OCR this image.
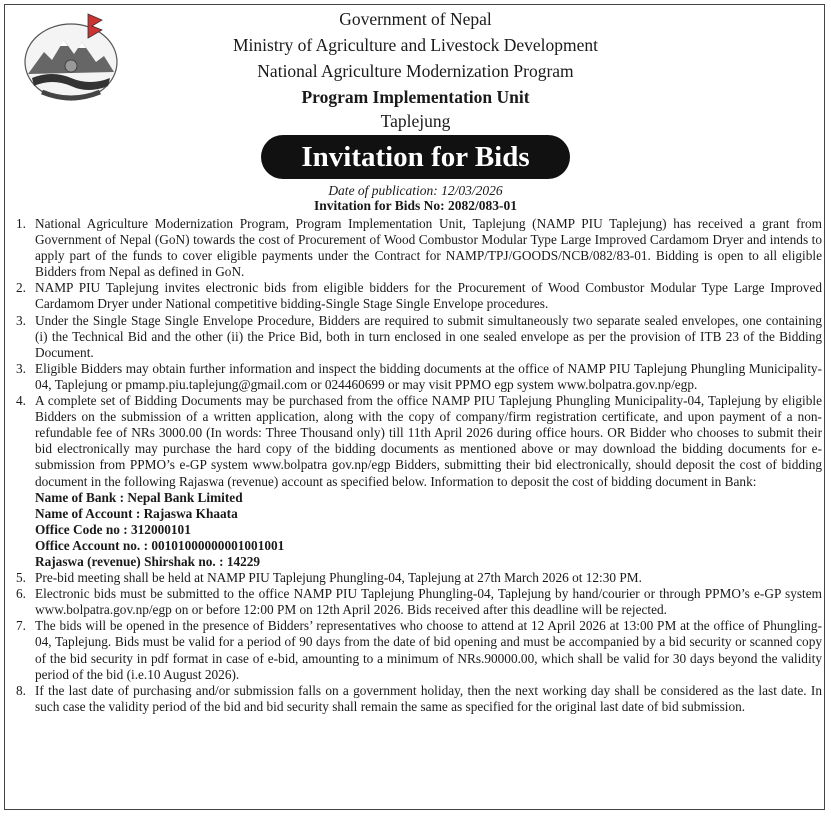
Government of Nepal
Ministry of Agriculture and Livestock Development
National Agriculture Modernization Program
Program Implementation Unit
Taplejung
Invitation for Bids
Date of publication: 12/03/2026
Invitation for Bids No: 2082/083-01
1. National Agriculture Modernization Program, Program Implementation Unit, Taplejung (NAMP PIU Taplejung) has received a grant from Government of Nepal (GoN) towards the cost of Procurement of Wood Combustor Modular Type Large Improved Cardamom Dryer and intends to apply part of the funds to cover eligible payments under the Contract for NAMP/TPJ/GOODS/NCB/082/83-01. Bidding is open to all eligible Bidders from Nepal as defined in GoN.
2. NAMP PIU Taplejung invites electronic bids from eligible bidders for the Procurement of Wood Combustor Modular Type Large Improved Cardamom Dryer under National competitive bidding-Single Stage Single Envelope procedures.
3. Under the Single Stage Single Envelope Procedure, Bidders are required to submit simultaneously two separate sealed envelopes, one containing (i) the Technical Bid and the other (ii) the Price Bid, both in turn enclosed in one sealed envelope as per the provision of ITB 23 of the Bidding Document.
3. Eligible Bidders may obtain further information and inspect the bidding documents at the office of NAMP PIU Taplejung Phungling Municipality-04, Taplejung or pmamp.piu.taplejung@gmail.com or 024460699 or may visit PPMO egp system www.bolpatra.gov.np/egp.
4. A complete set of Bidding Documents may be purchased from the office NAMP PIU Taplejung Phungling Municipality-04, Taplejung by eligible Bidders on the submission of a written application, along with the copy of company/firm registration certificate, and upon payment of a non-refundable fee of NRs 3000.00 (In words: Three Thousand only) till 11th April 2026 during office hours. OR Bidder who chooses to submit their bid electronically may purchase the hard copy of the bidding documents as mentioned above or may download the bidding documents for e-submission from PPMO’s e-GP system www.bolpatra gov.np/egp Bidders, submitting their bid electronically, should deposit the cost of bidding document in the following Rajaswa (revenue) account as specified below. Information to deposit the cost of bidding document in Bank:
Name of Bank : Nepal Bank Limited
Name of Account : Rajaswa Khaata
Office Code no : 312000101
Office Account no. : 00101000000001001001
Rajaswa (revenue) Shirshak no. : 14229
5. Pre-bid meeting shall be held at NAMP PIU Taplejung Phungling-04, Taplejung at 27th March 2026 ot 12:30 PM.
6. Electronic bids must be submitted to the office NAMP PIU Taplejung Phungling-04, Taplejung by hand/courier or through PPMO’s e-GP system www.bolpatra.gov.np/egp on or before 12:00 PM on 12th April 2026. Bids received after this deadline will be rejected.
7. The bids will be opened in the presence of Bidders’ representatives who choose to attend at 12 April 2026 at 13:00 PM at the office of Phungling-04, Taplejung. Bids must be valid for a period of 90 days from the date of bid opening and must be accompanied by a bid security or scanned copy of the bid security in pdf format in case of e-bid, amounting to a minimum of NRs.90000.00, which shall be valid for 30 days beyond the validity period of the bid (i.e.10 August 2026).
8. If the last date of purchasing and/or submission falls on a government holiday, then the next working day shall be considered as the last date. In such case the validity period of the bid and bid security shall remain the same as specified for the original last date of bid submission.
